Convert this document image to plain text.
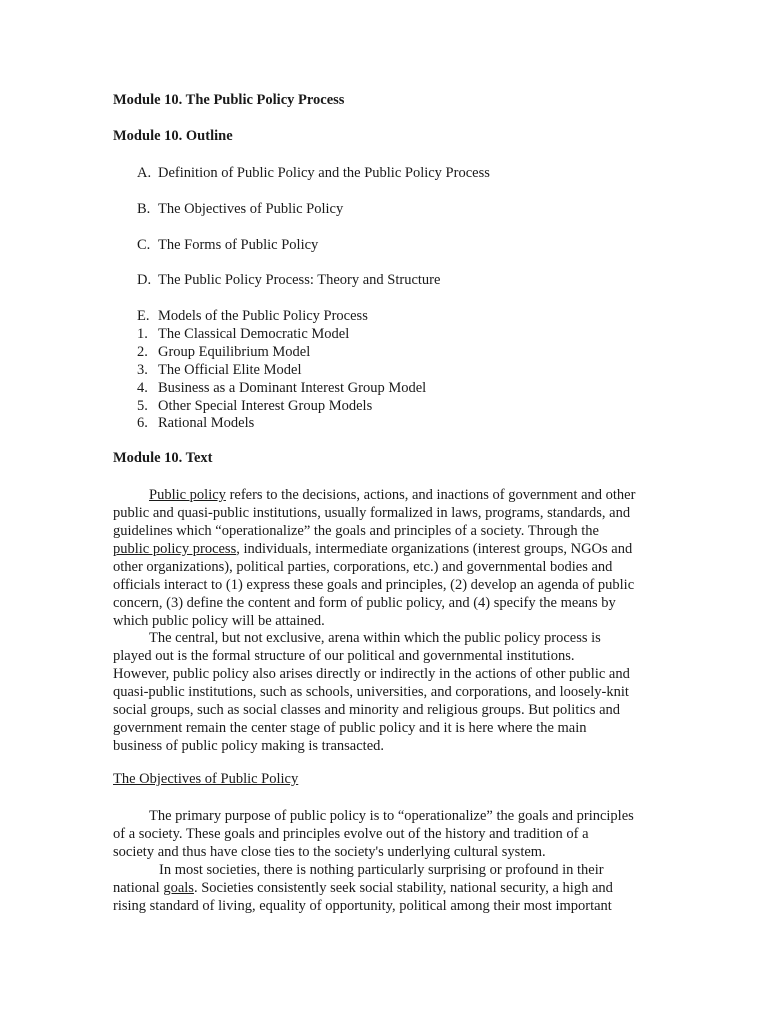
Module 10. The Public Policy Process
Module 10. Outline
A. Definition of Public Policy and the Public Policy Process
B. The Objectives of Public Policy
C. The Forms of Public Policy
D. The Public Policy Process: Theory and Structure
E. Models of the Public Policy Process
1. The Classical Democratic Model
2. Group Equilibrium Model
3. The Official Elite Model
4. Business as a Dominant Interest Group Model
5. Other Special Interest Group Models
6. Rational Models
Module 10. Text
Public policy refers to the decisions, actions, and inactions of government and other
public and quasi-public institutions, usually formalized in laws, programs, standards, and
guidelines which “operationalize” the goals and principles of a society. Through the
public policy process, individuals, intermediate organizations (interest groups, NGOs and
other organizations), political parties, corporations, etc.) and governmental bodies and
officials interact to (1) express these goals and principles, (2) develop an agenda of public
concern, (3) define the content and form of public policy, and (4) specify the means by
which public policy will be attained.
The central, but not exclusive, arena within which the public policy process is
played out is the formal structure of our political and governmental institutions.
However, public policy also arises directly or indirectly in the actions of other public and
quasi-public institutions, such as schools, universities, and corporations, and loosely-knit
social groups, such as social classes and minority and religious groups. But politics and
government remain the center stage of public policy and it is here where the main
business of public policy making is transacted.
The Objectives of Public Policy
The primary purpose of public policy is to “operationalize” the goals and principles
of a society. These goals and principles evolve out of the history and tradition of a
society and thus have close ties to the society's underlying cultural system.
In most societies, there is nothing particularly surprising or profound in their
national goals. Societies consistently seek social stability, national security, a high and
rising standard of living, equality of opportunity, political among their most important
